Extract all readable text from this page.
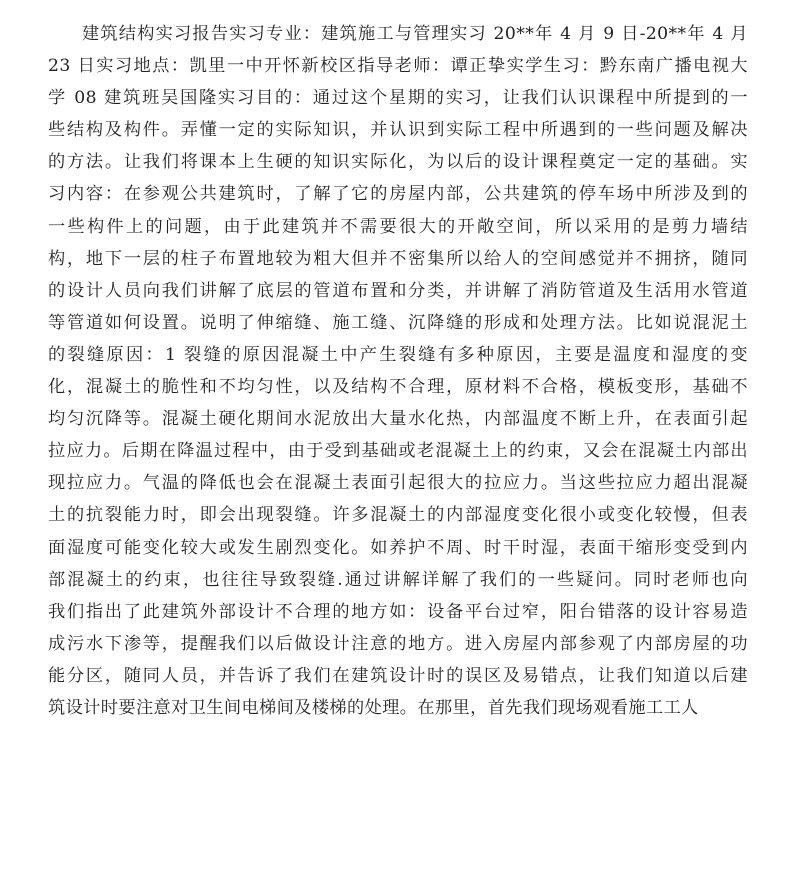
建筑结构实习报告实习专业：建筑施工与管理实习 20**年 4 月 9 日-20**年 4 月
23 日实习地点：凯里一中开怀新校区指导老师：谭正挚实学生习：黔东南广播电视大
学 08 建筑班吴国隆实习目的：通过这个星期的实习，让我们认识课程中所提到的一
些结构及构件。弄懂一定的实际知识，并认识到实际工程中所遇到的一些问题及解决
的方法。让我们将课本上生硬的知识实际化，为以后的设计课程奠定一定的基础。实
习内容：在参观公共建筑时，了解了它的房屋内部，公共建筑的停车场中所涉及到的
一些构件上的问题，由于此建筑并不需要很大的开敞空间，所以采用的是剪力墙结
构，地下一层的柱子布置地较为粗大但并不密集所以给人的空间感觉并不拥挤，随同
的设计人员向我们讲解了底层的管道布置和分类，并讲解了消防管道及生活用水管道
等管道如何设置。说明了伸缩缝、施工缝、沉降缝的形成和处理方法。比如说混泥土
的裂缝原因：1 裂缝的原因混凝土中产生裂缝有多种原因，主要是温度和湿度的变
化，混凝土的脆性和不均匀性，以及结构不合理，原材料不合格，模板变形，基础不
均匀沉降等。混凝土硬化期间水泥放出大量水化热，内部温度不断上升，在表面引起
拉应力。后期在降温过程中，由于受到基础或老混凝土上的约束，又会在混凝土内部出
现拉应力。气温的降低也会在混凝土表面引起很大的拉应力。当这些拉应力超出混凝
土的抗裂能力时，即会出现裂缝。许多混凝土的内部湿度变化很小或变化较慢，但表
面湿度可能变化较大或发生剧烈变化。如养护不周、时干时湿，表面干缩形变受到内
部混凝土的约束，也往往导致裂缝.通过讲解详解了我们的一些疑问。同时老师也向
我们指出了此建筑外部设计不合理的地方如：设备平台过窄，阳台错落的设计容易造
成污水下渗等，提醒我们以后做设计注意的地方。进入房屋内部参观了内部房屋的功
能分区，随同人员，并告诉了我们在建筑设计时的误区及易错点，让我们知道以后建
筑设计时要注意对卫生间电梯间及楼梯的处理。在那里，首先我们现场观看施工工人
